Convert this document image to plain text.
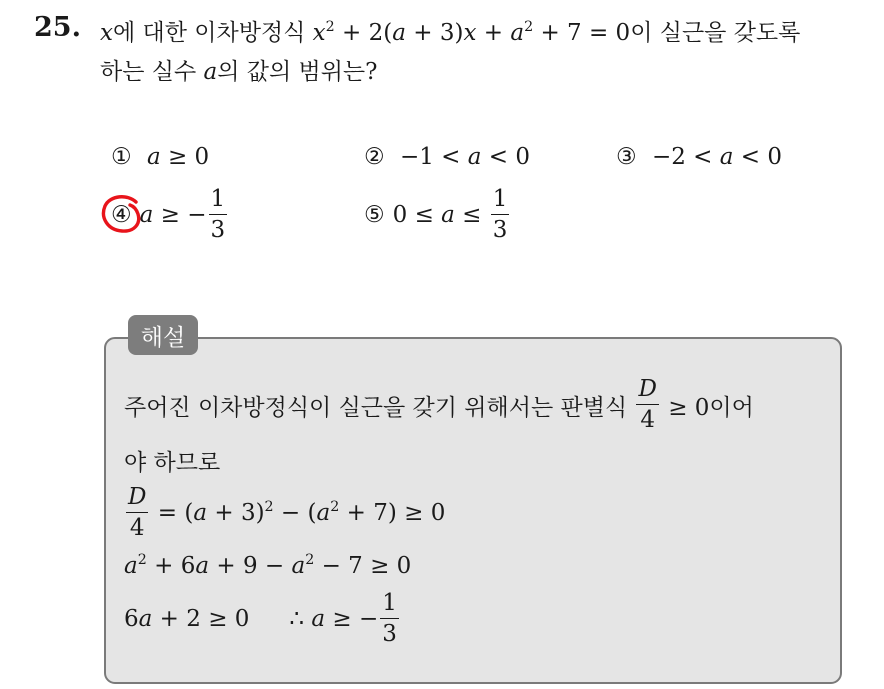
25. x에 대한 이차방정식 $x^2 + 2(a + 3)x + a^2 + 7 = 0$이 실근을 갖도록
하는 실수 a의 값의 범위는?
① a ≥ 0	② −1 < a < 0	③ −2 < a < 0
④ a ≥ − $\frac{1}{3}$	⑤ $0 \le a \le \frac{1}{3}$
해설
주어진 이차방정식이 실근을 갖기 위해서는 판별식 $\frac{D}{4} \ge 0$이어
야 하므로
$\frac{D}{4} = (a + 3)^2 - (a^2 + 7) \ge 0$
$a^2 + 6a + 9 - a^2 - 7 \ge 0$
6a + 2 ≥ 0 ∴ a ≥ − $\frac{1}{3}$
